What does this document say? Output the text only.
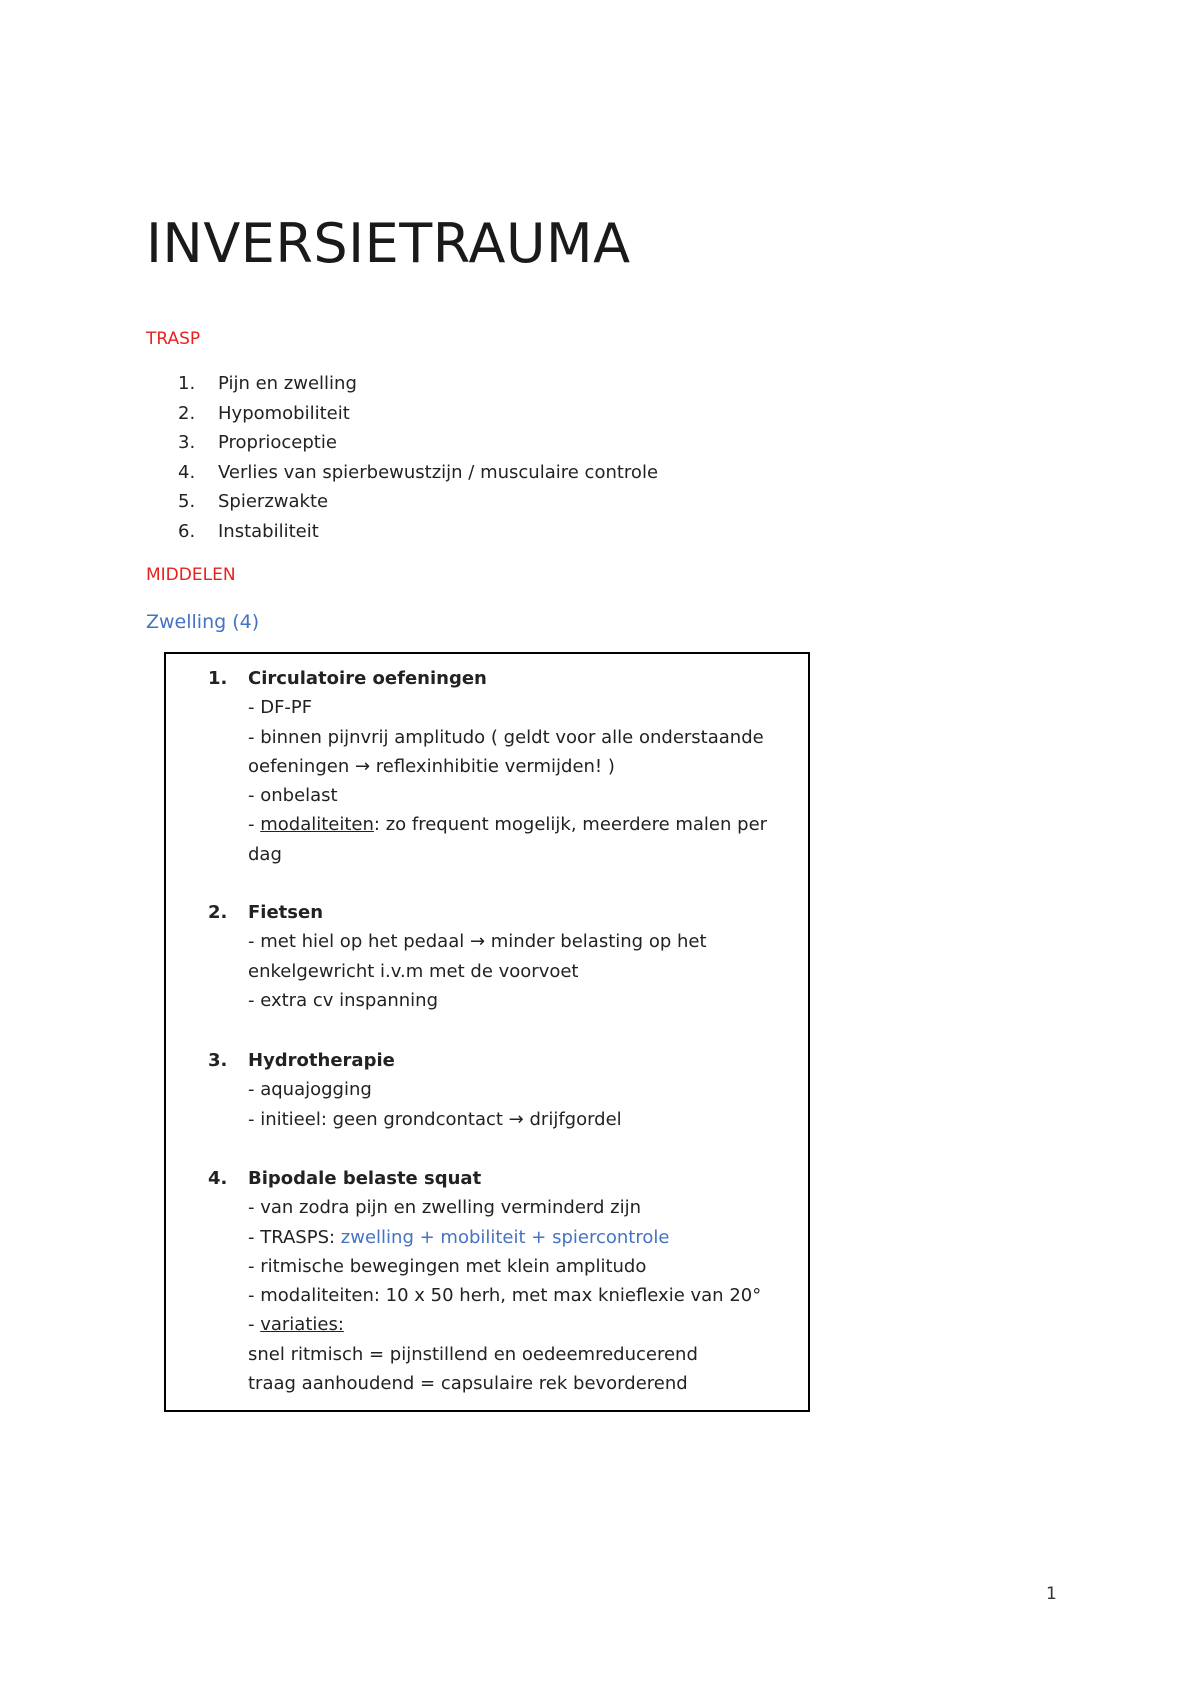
INVERSIETRAUMA
TRASP
1.	Pijn en zwelling
2.	Hypomobiliteit
3.	Proprioceptie
4.	Verlies van spierbewustzijn / musculaire controle
5.	Spierzwakte
6.	Instabiliteit
MIDDELEN
Zwelling (4)
1. Circulatoire oefeningen
- DF-PF
- binnen pijnvrij amplitudo ( geldt voor alle onderstaande
oefeningen → reflexinhibitie vermijden! )
- onbelast
- modaliteiten: zo frequent mogelijk, meerdere malen per
dag
2. Fietsen
- met hiel op het pedaal → minder belasting op het
enkelgewricht i.v.m met de voorvoet
- extra cv inspanning
3. Hydrotherapie
- aquajogging
- initieel: geen grondcontact → drijfgordel
4. Bipodale belaste squat
- van zodra pijn en zwelling verminderd zijn
- TRASPS: zwelling + mobiliteit + spiercontrole
- ritmische bewegingen met klein amplitudo
- modaliteiten: 10 x 50 herh, met max knieflexie van 20°
- variaties:
snel ritmisch = pijnstillend en oedeemreducerend
traag aanhoudend = capsulaire rek bevorderend
1
